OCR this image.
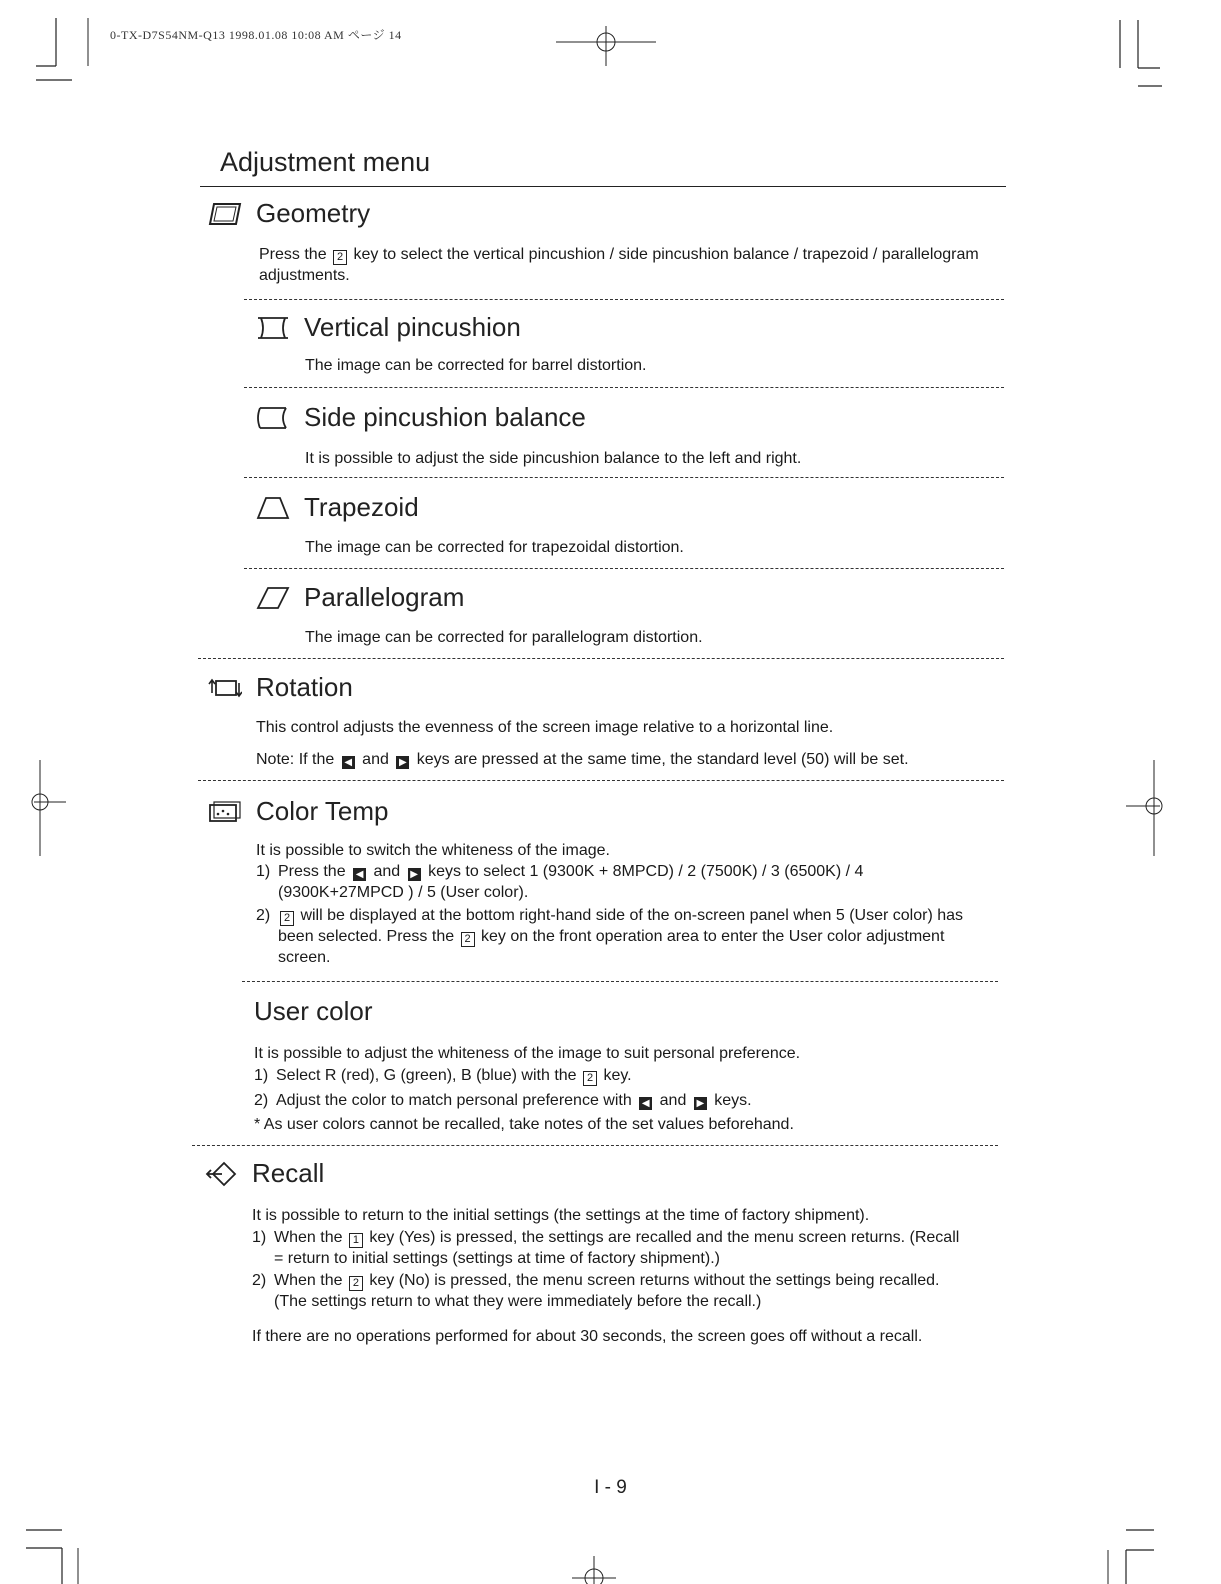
0-TX-D7S54NM-Q13 1998.01.08 10:08 AM ページ 14
Adjustment menu
Geometry
Press the 2 key to select the vertical pincushion / side pincushion balance / trapezoid / parallelogram adjustments.
Vertical pincushion
The image can be corrected for barrel distortion.
Side pincushion balance
It is possible to adjust the side pincushion balance to the left and right.
Trapezoid
The image can be corrected for trapezoidal distortion.
Parallelogram
The image can be corrected for parallelogram distortion.
Rotation
This control adjusts the evenness of the screen image relative to a horizontal line.
Note: If the ◀ and ▶ keys are pressed at the same time, the standard level (50) will be set.
Color Temp
It is possible to switch the whiteness of the image.
1) Press the ◀ and ▶ keys to select 1 (9300K + 8MPCD) / 2 (7500K) / 3 (6500K) / 4 (9300K+27MPCD ) / 5 (User color).
2)	2 will be displayed at the bottom right-hand side of the on-screen panel when 5 (User color) has been selected. Press the 2 key on the front operation area to enter the User color adjustment screen.
User color
It is possible to adjust the whiteness of the image to suit personal preference.
1) Select R (red), G (green), B (blue) with the 2 key.
2) Adjust the color to match personal preference with ◀ and ▶ keys.
* As user colors cannot be recalled, take notes of the set values beforehand.
Recall
It is possible to return to the initial settings (the settings at the time of factory shipment).
1) When the 1 key (Yes) is pressed, the settings are recalled and the menu screen returns. (Recall = return to initial settings (settings at time of factory shipment).)
2) When the 2 key (No) is pressed, the menu screen returns without the settings being recalled. (The settings return to what they were immediately before the recall.)
If there are no operations performed for about 30 seconds, the screen goes off without a recall.
I - 9
